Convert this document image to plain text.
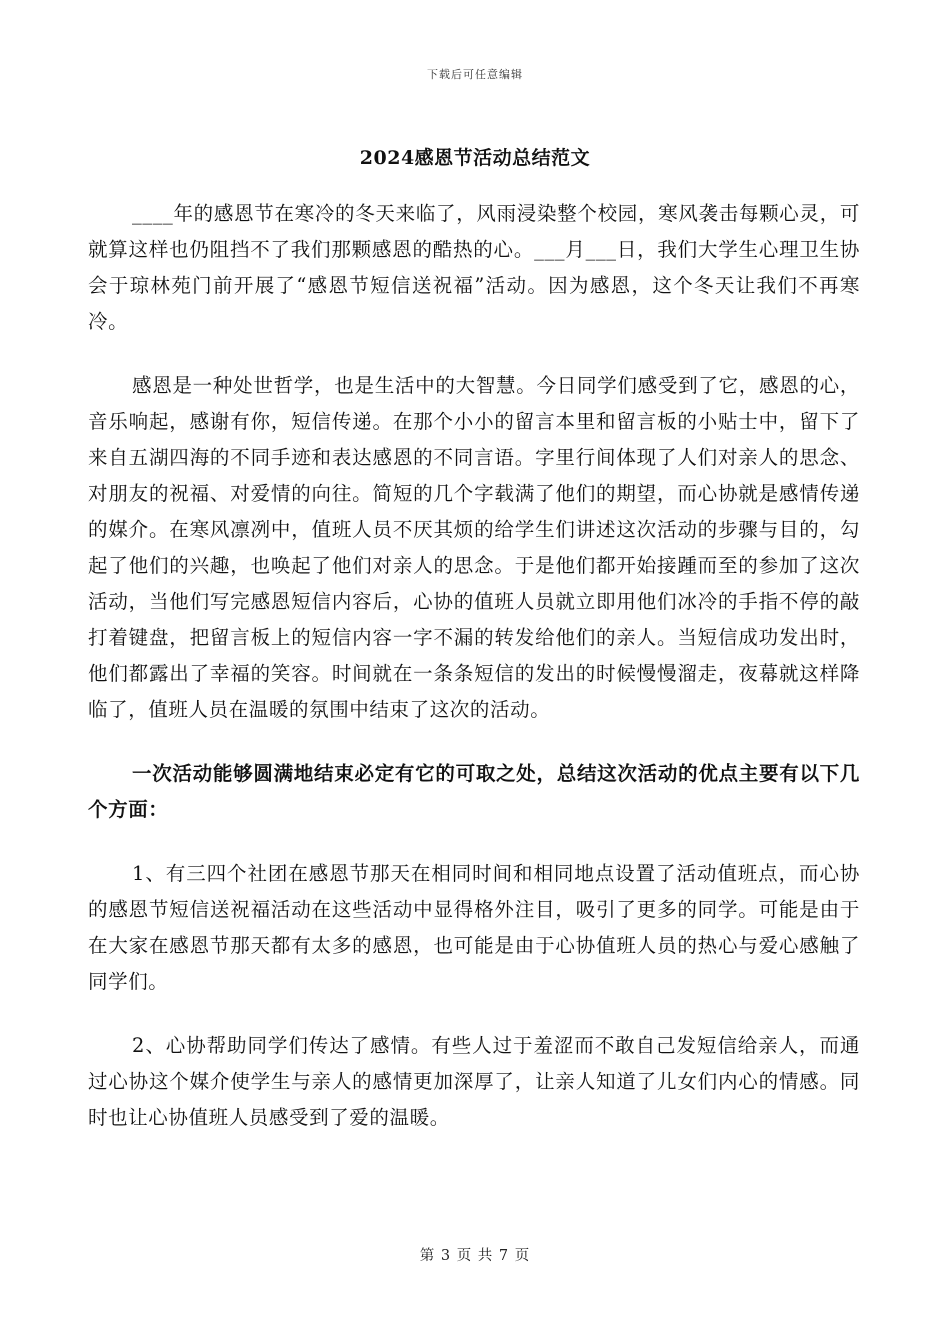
下载后可任意编辑
2024感恩节活动总结范文

____年的感恩节在寒冷的冬天来临了，风雨浸染整个校园，寒风袭击每颗心灵，可就算这样也仍阻挡不了我们那颗感恩的酷热的心。___月___日，我们大学生心理卫生协会于琼林苑门前开展了“感恩节短信送祝福”活动。因为感恩，这个冬天让我们不再寒冷。

感恩是一种处世哲学，也是生活中的大智慧。今日同学们感受到了它，感恩的心，音乐响起，感谢有你，短信传递。在那个小小的留言本里和留言板的小贴士中，留下了来自五湖四海的不同手迹和表达感恩的不同言语。字里行间体现了人们对亲人的思念、对朋友的祝福、对爱情的向往。简短的几个字载满了他们的期望，而心协就是感情传递的媒介。在寒风凛冽中，值班人员不厌其烦的给学生们讲述这次活动的步骤与目的，勾起了他们的兴趣，也唤起了他们对亲人的思念。于是他们都开始接踵而至的参加了这次活动，当他们写完感恩短信内容后，心协的值班人员就立即用他们冰冷的手指不停的敲打着键盘，把留言板上的短信内容一字不漏的转发给他们的亲人。当短信成功发出时，他们都露出了幸福的笑容。时间就在一条条短信的发出的时候慢慢溜走，夜幕就这样降临了，值班人员在温暖的氛围中结束了这次的活动。

一次活动能够圆满地结束必定有它的可取之处，总结这次活动的优点主要有以下几个方面：

1、有三四个社团在感恩节那天在相同时间和相同地点设置了活动值班点，而心协的感恩节短信送祝福活动在这些活动中显得格外注目，吸引了更多的同学。可能是由于在大家在感恩节那天都有太多的感恩，也可能是由于心协值班人员的热心与爱心感触了同学们。

2、心协帮助同学们传达了感情。有些人过于羞涩而不敢自己发短信给亲人，而通过心协这个媒介使学生与亲人的感情更加深厚了，让亲人知道了儿女们内心的情感。同时也让心协值班人员感受到了爱的温暖。

第 3 页 共 7 页
